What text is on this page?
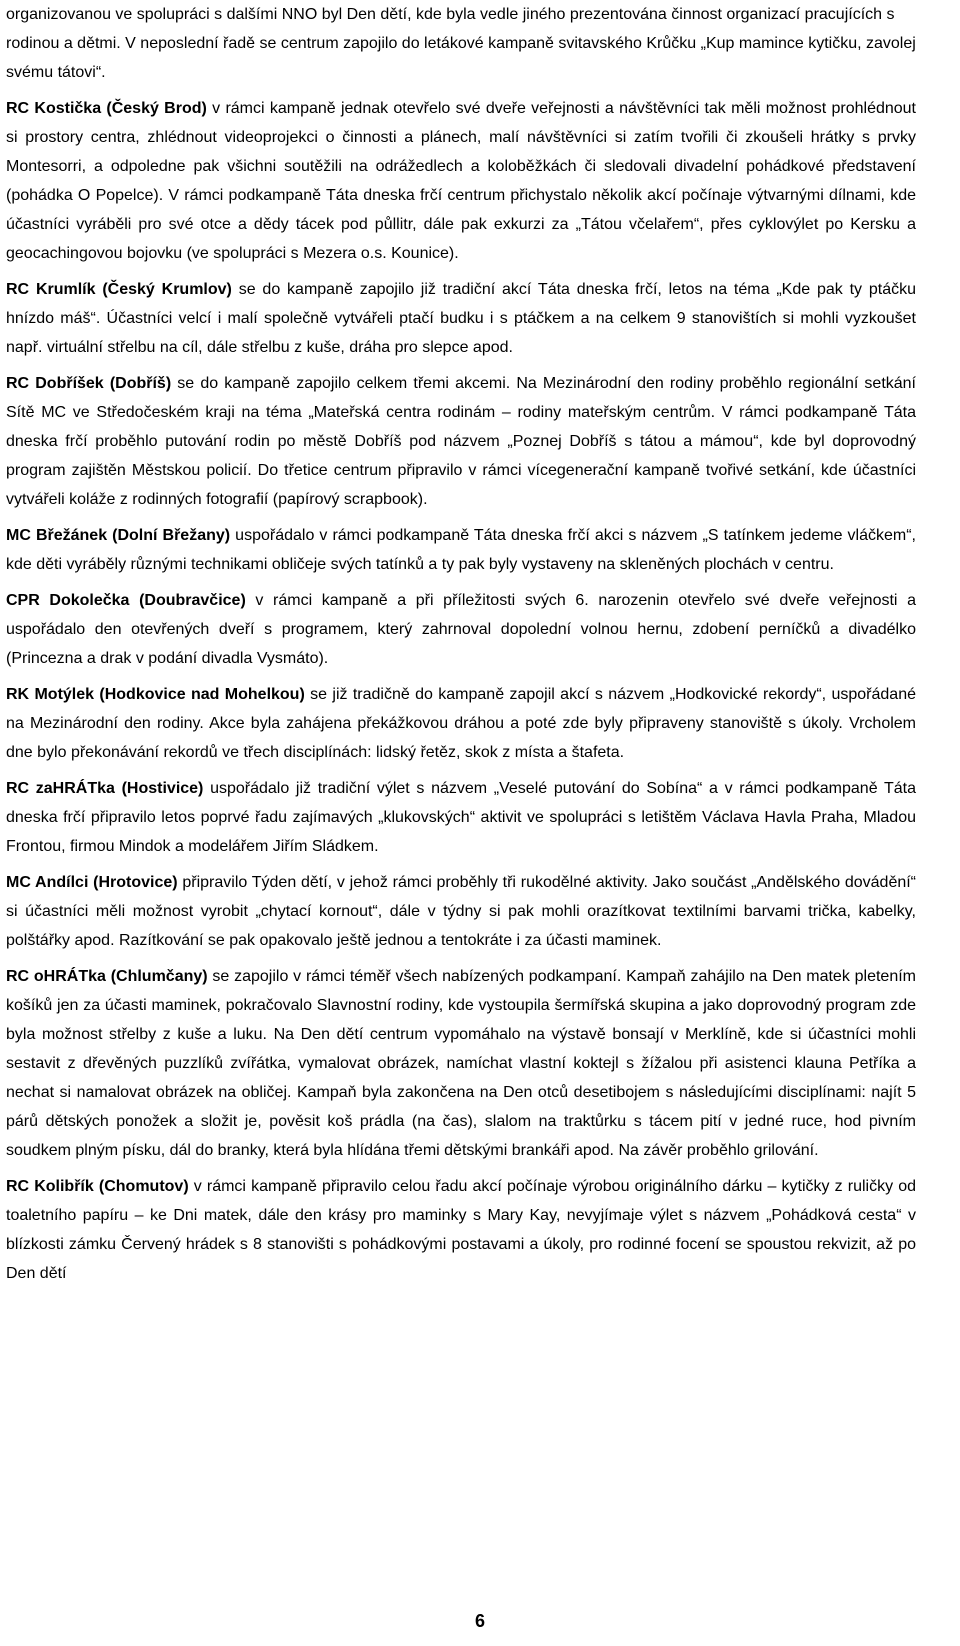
organizovanou ve spolupráci s dalšími NNO byl Den dětí, kde byla vedle jiného prezentována činnost organizací pracujících s rodinou a dětmi. V neposlední řadě se centrum zapojilo do letákové kampaně svitavského Krůčku „Kup mamince kytičku, zavolej svému tátovi“.

RC Kostička (Český Brod) v rámci kampaně jednak otevřelo své dveře veřejnosti a návštěvníci tak měli možnost prohlédnout si prostory centra, zhlédnout videoprojekci o činnosti a plánech, malí návštěvníci si zatím tvořili či zkoušeli hrátky s prvky Montesorri, a odpoledne pak všichni soutěžili na odrážedlech a koloběžkách či sledovali divadelní pohádkové představení (pohádka O Popelce). V rámci podkampaně Táta dneska frčí centrum přichystalo několik akcí počínaje výtvarnými dílnami, kde účastníci vyráběli pro své otce a dědy tácek pod půllitr, dále pak exkurzi za „Tátou včelařem“, přes cyklovýlet po Kersku a geocachingovou bojovku (ve spolupráci s Mezera o.s. Kounice).

RC Krumlík (Český Krumlov) se do kampaně zapojilo již tradiční akcí Táta dneska frčí, letos na téma „Kde pak ty ptáčku hnízdo máš“. Účastníci velcí i malí společně vytvářeli ptačí budku i s ptáčkem a na celkem 9 stanovištích si mohli vyzkoušet např. virtuální střelbu na cíl, dále střelbu z kuše, dráha pro slepce apod.

RC Dobříšek (Dobříš) se do kampaně zapojilo celkem třemi akcemi. Na Mezinárodní den rodiny proběhlo regionální setkání Sítě MC ve Středočeském kraji na téma „Mateřská centra rodinám – rodiny mateřským centrům. V rámci podkampaně Táta dneska frčí proběhlo putování rodin po městě Dobříš pod názvem „Poznej Dobříš s tátou a mámou“, kde byl doprovodný program zajištěn Městskou policií. Do třetice centrum připravilo v rámci vícegenerační kampaně tvořivé setkání, kde účastníci vytvářeli koláže z rodinných fotografií (papírový scrapbook).

MC Břežánek (Dolní Břežany) uspořádalo v rámci podkampaně Táta dneska frčí akci s názvem „S tatínkem jedeme vláčkem“, kde děti vyráběly různými technikami obličeje svých tatínků a ty pak byly vystaveny na skleněných plochách v centru.

CPR Dokolečka (Doubravčice) v rámci kampaně a při příležitosti svých 6. narozenin otevřelo své dveře veřejnosti a uspořádalo den otevřených dveří s programem, který zahrnoval dopolední volnou hernu, zdobení perníčků a divadélko (Princezna a drak v podání divadla Vysmáto).

RK Motýlek (Hodkovice nad Mohelkou) se již tradičně do kampaně zapojil akcí s názvem „Hodkovické rekordy“, uspořádané na Mezinárodní den rodiny. Akce byla zahájena překážkovou dráhou a poté zde byly připraveny stanoviště s úkoly. Vrcholem dne bylo překonávání rekordů ve třech disciplínách: lidský řetěz, skok z místa a štafeta.

RC zaHRÁTka (Hostivice) uspořádalo již tradiční výlet s názvem „Veselé putování do Sobína“ a v rámci podkampaně Táta dneska frčí připravilo letos poprvé řadu zajímavých „klukovských“ aktivit ve spolupráci s letištěm Václava Havla Praha, Mladou Frontou, firmou Mindok a modelářem Jiřím Sládkem.

MC Andílci (Hrotovice) připravilo Týden dětí, v jehož rámci proběhly tři rukodělné aktivity. Jako součást „Andělského dovádění“ si účastníci měli možnost vyrobit „chytací kornout“, dále v týdny si pak mohli orazítkovat textilními barvami trička, kabelky, polštářky apod. Razítkování se pak opakovalo ještě jednou a tentokráte i za účasti maminek.

RC oHRÁTka (Chlumčany) se zapojilo v rámci téměř všech nabízených podkampaní. Kampaň zahájilo na Den matek pletením košíků jen za účasti maminek, pokračovalo Slavnostní rodiny, kde vystoupila šermířská skupina a jako doprovodný program zde byla možnost střelby z kuše a luku. Na Den dětí centrum vypomáhalo na výstavě bonsají v Merklíně, kde si účastníci mohli sestavit z dřevěných puzzlíků zvířátka, vymalovat obrázek, namíchat vlastní koktejl s žížalou při asistenci klauna Petříka a nechat si namalovat obrázek na obličej. Kampaň byla zakončena na Den otců desetibojem s následujícími disciplínami: najít 5 párů dětských ponožek a složit je, pověsit koš prádla (na čas), slalom na traktůrku s tácem pití v jedné ruce, hod pivním soudkem plným písku, dál do branky, která byla hlídána třemi dětskými brankáři apod. Na závěr proběhlo grilování.

RC Kolibřík (Chomutov) v rámci kampaně připravilo celou řadu akcí počínaje výrobou originálního dárku – kytičky z ruličky od toaletního papíru – ke Dni matek, dále den krásy pro maminky s Mary Kay, nevyjímaje výlet s názvem „Pohádková cesta“ v blízkosti zámku Červený hrádek s 8 stanovišti s pohádkovými postavami a úkoly, pro rodinné focení se spoustou rekvizit, až po Den dětí

6
